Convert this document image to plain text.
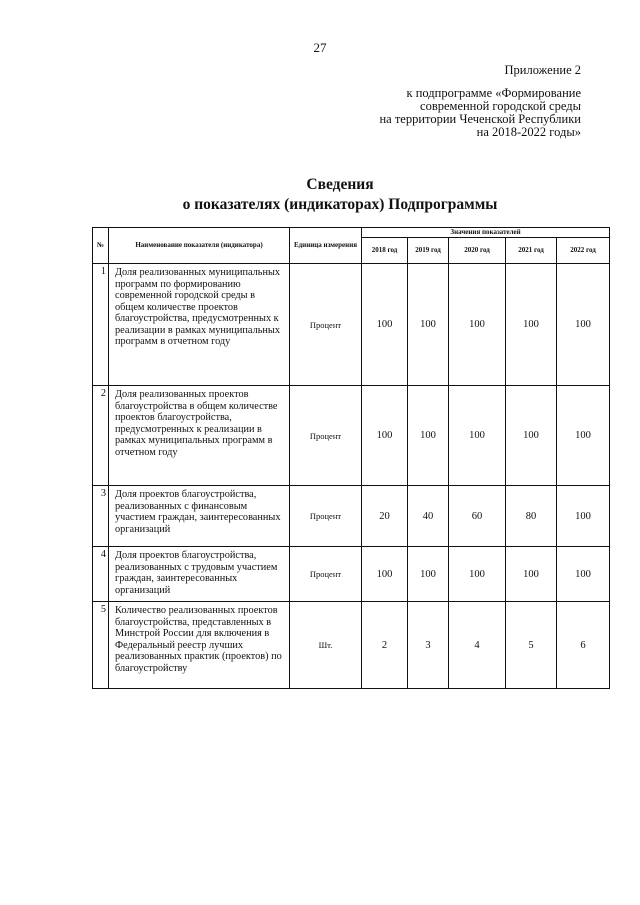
27
Приложение 2
к подпрограмме «Формирование
современной городской среды
на территории Чеченской Республики
на 2018-2022 годы»
Сведения
о показателях (индикаторах) Подпрограммы
№	Наименование показателя (индикатора)	Единица измерения	Значения показателей				
			2018 год	2019 год	2020 год	2021 год	2022 год
1	Доля реализованных муниципальных программ по формированию современной городской среды в общем количестве проектов благоустройства, предусмотренных к реализации в рамках муниципальных программ в отчетном году	Процент	100	100	100	100	100
2	Доля реализованных проектов благоустройства в общем количестве проектов благоустройства, предусмотренных к реализации в рамках муниципальных программ в отчетном году	Процент	100	100	100	100	100
3	Доля проектов благоустройства, реализованных с финансовым участием граждан, заинтересованных организаций	Процент	20	40	60	80	100
4	Доля проектов благоустройства, реализованных с трудовым участием граждан, заинтересованных организаций	Процент	100	100	100	100	100
5	Количество реализованных проектов благоустройства, представленных в Минстрой России для включения в Федеральный реестр лучших реализованных практик (проектов) по благоустройству	Шт.	2	3	4	5	6
